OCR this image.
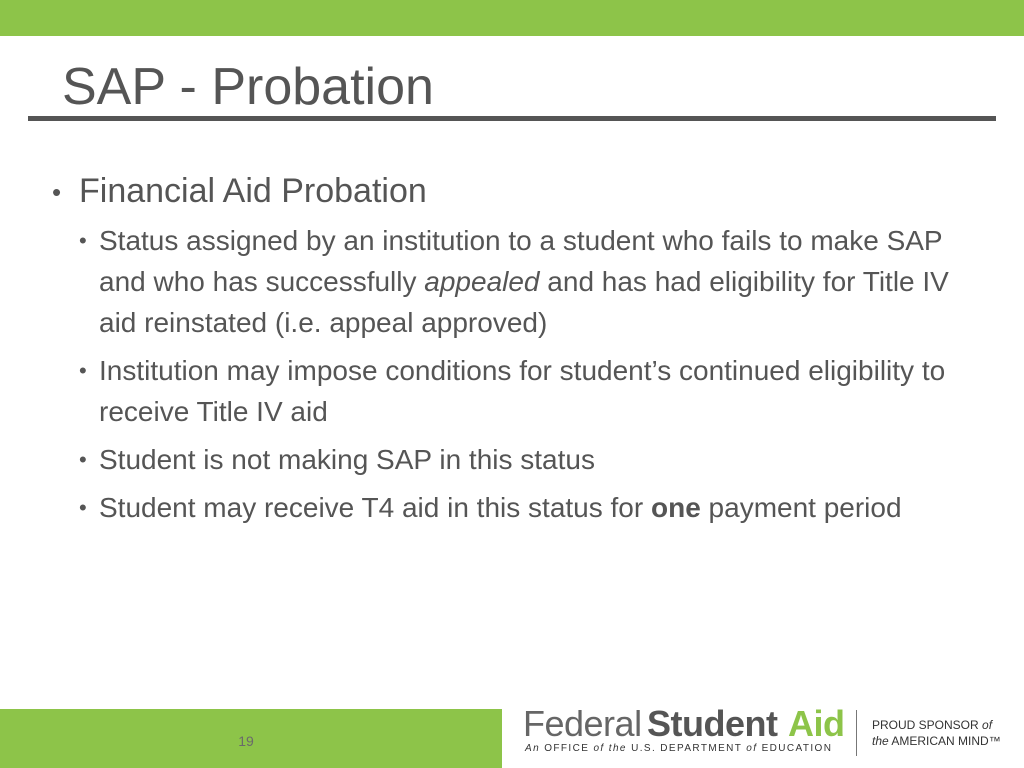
SAP - Probation
• Financial Aid Probation
• Status assigned by an institution to a student who fails to make SAP and who has successfully appealed and has had eligibility for Title IV aid reinstated (i.e. appeal approved)
• Institution may impose conditions for student’s continued eligibility to receive Title IV aid
• Student is not making SAP in this status
• Student may receive T4 aid in this status for one payment period
19	Federal Student Aid
An OFFICE of the U.S. DEPARTMENT of EDUCATION
PROUD SPONSOR of
the AMERICAN MIND™
